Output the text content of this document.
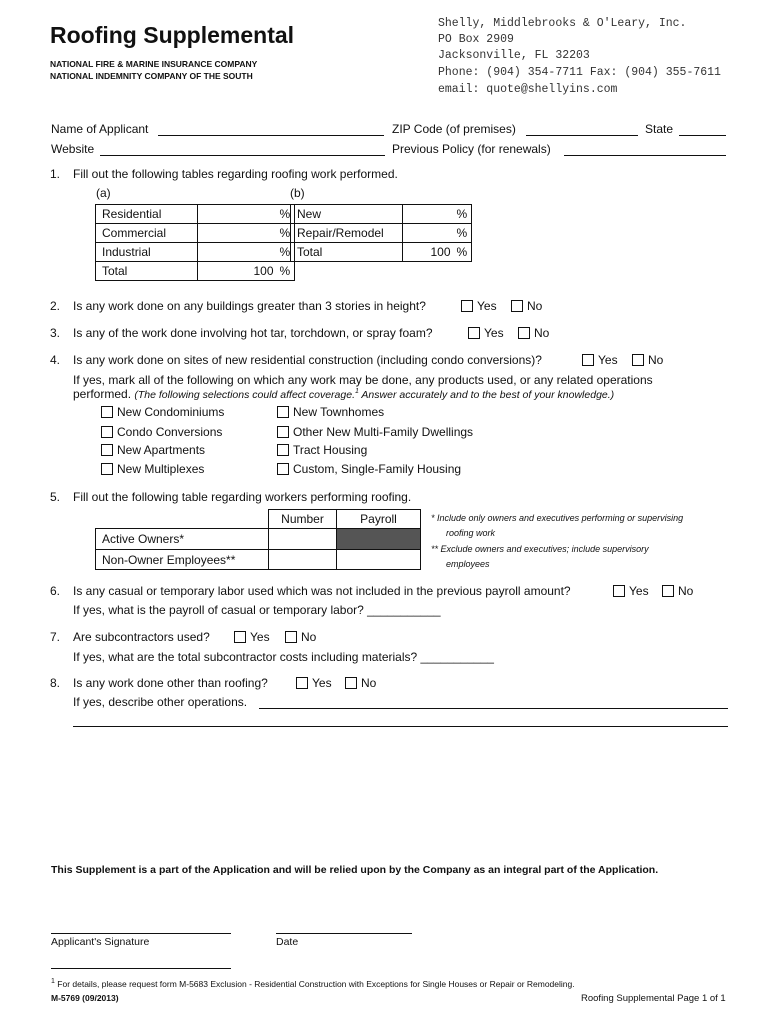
Roofing Supplemental
NATIONAL FIRE & MARINE INSURANCE COMPANY
NATIONAL INDEMNITY COMPANY OF THE SOUTH
Shelly, Middlebrooks & O'Leary, Inc.
PO Box 2909
Jacksonville, FL 32203
Phone: (904) 354-7711 Fax: (904) 355-7611
email: quote@shellyins.com
Name of Applicant	ZIP Code (of premises)	State
Website	Previous Policy (for renewals)
1. Fill out the following tables regarding roofing work performed.
(a)	(b)
Residential		%
Commercial		%
Industrial		%
Total	100	%
New		%
Repair/Remodel		%
Total	100	%
2. Is any work done on any buildings greater than 3 stories in height?	Yes	No
3. Is any of the work done involving hot tar, torchdown, or spray foam?	Yes	No
4. Is any work done on sites of new residential construction (including condo conversions)?	Yes	No
If yes, mark all of the following on which any work may be done, any products used, or any related operations
performed. (The following selections could affect coverage.$^1$ Answer accurately and to the best of your knowledge.)
New Condominiums
Condo Conversions
New Apartments
New Multiplexes
New Townhomes
Other New Multi-Family Dwellings
Tract Housing
Custom, Single-Family Housing
5. Fill out the following table regarding workers performing roofing.
	Number	Payroll
Active Owners*		
Non-Owner Employees**		
* Include only owners and executives performing or supervising
roofing work
** Exclude owners and executives; include supervisory
employees
6. Is any casual or temporary labor used which was not included in the previous payroll amount?	Yes	No
If yes, what is the payroll of casual or temporary labor? ___________
7. Are subcontractors used?	Yes	No
If yes, what are the total subcontractor costs including materials? ___________
8. Is any work done other than roofing?	Yes	No
If yes, describe other operations.
This Supplement is a part of the Application and will be relied upon by the Company as an integral part of the Application.
Applicant's Signature	Date
$^1$ For details, please request form M-5683 Exclusion - Residential Construction with Exceptions for Single Houses or Repair or Remodeling.
M-5769 (09/2013)	Roofing Supplemental Page 1 of 1
